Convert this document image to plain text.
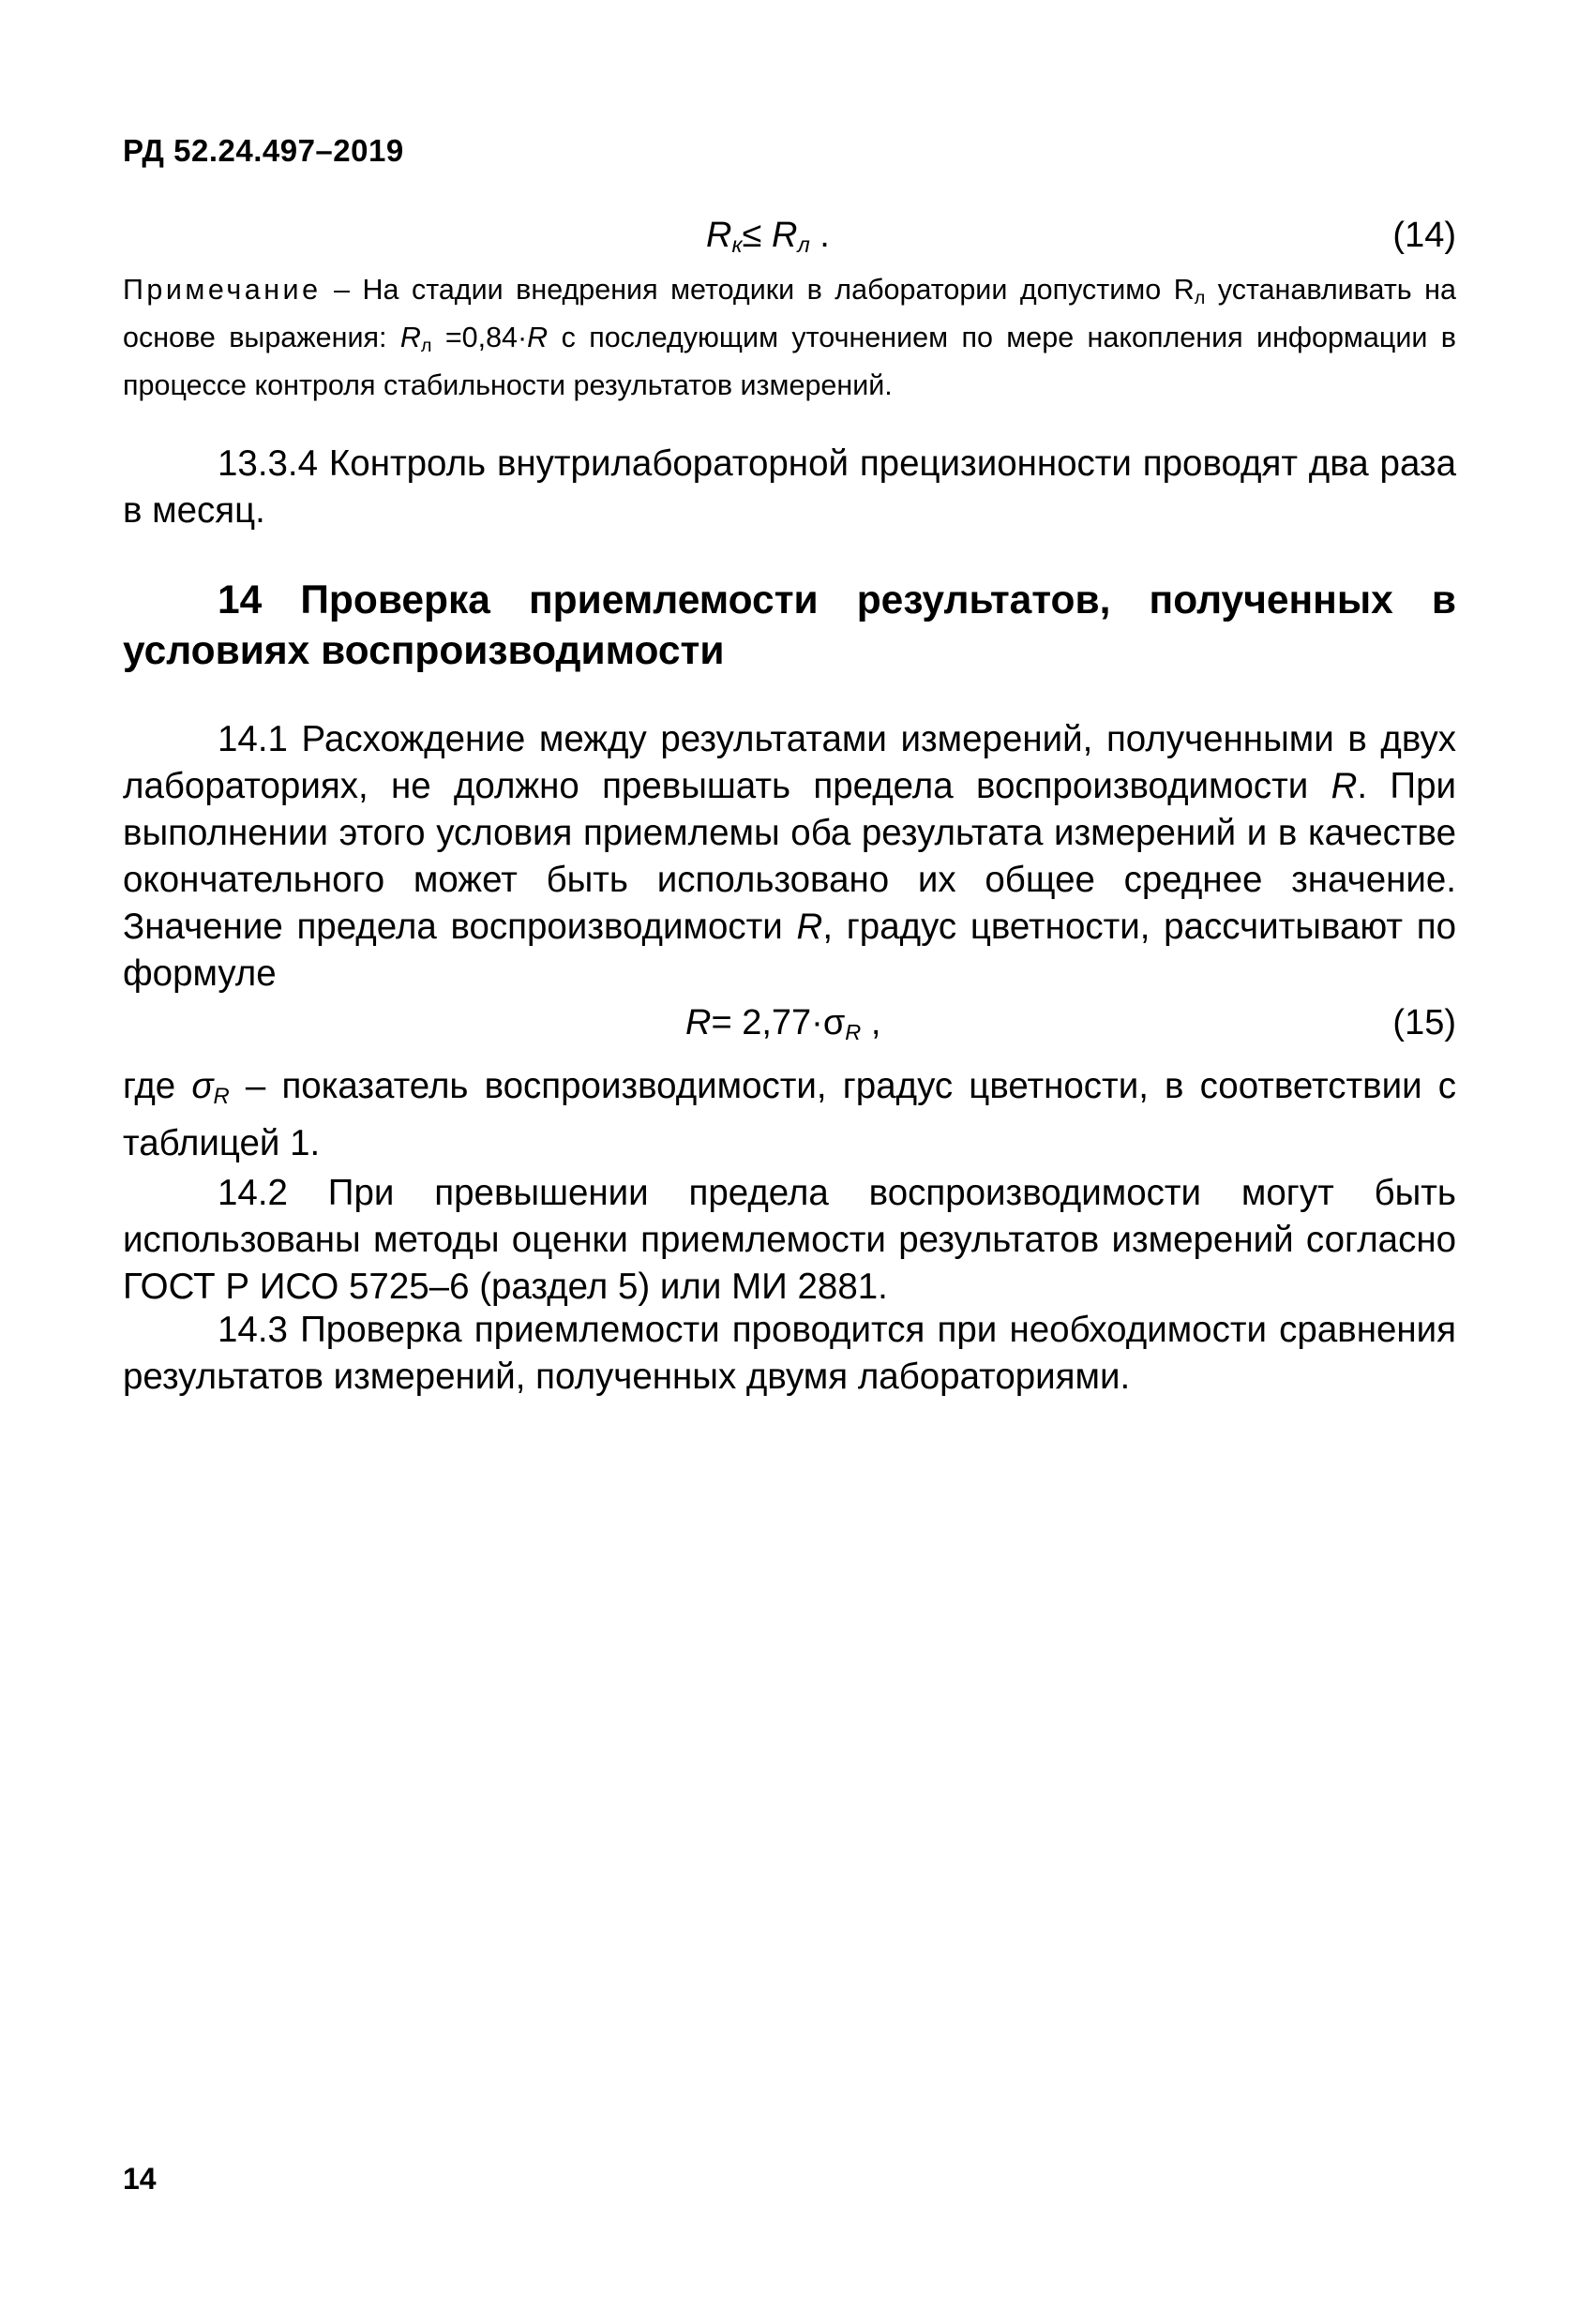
РД 52.24.497–2019
$R_к\le R_л$ .	(14)
Примечание – На стадии внедрения методики в лаборатории допустимо $R_л$ устанавливать на основе выражения: $R_л =0,84\cdot R$ с последующим уточнением по мере накопления информации в процессе контроля стабильности результатов измерений.
13.3.4 Контроль внутрилабораторной прецизионности проводят два раза в месяц.
14 Проверка приемлемости результатов, полученных в условиях воспроизводимости
14.1 Расхождение между результатами измерений, полученными в двух лабораториях, не должно превышать предела воспроизводимости R. При выполнении этого условия приемлемы оба результата измерений и в качестве окончательного может быть использовано их общее среднее значение. Значение предела воспроизводимости R, градус цветности, рассчитывают по формуле
$R= 2,77\cdot\sigma_R$ ,	(15)
где $\sigma_R$ – показатель воспроизводимости, градус цветности, в соответствии с таблицей 1.
14.2 При превышении предела воспроизводимости могут быть использованы методы оценки приемлемости результатов измерений согласно ГОСТ Р ИСО 5725–6 (раздел 5) или МИ 2881.
14.3 Проверка приемлемости проводится при необходимости сравнения результатов измерений, полученных двумя лабораториями.
14
